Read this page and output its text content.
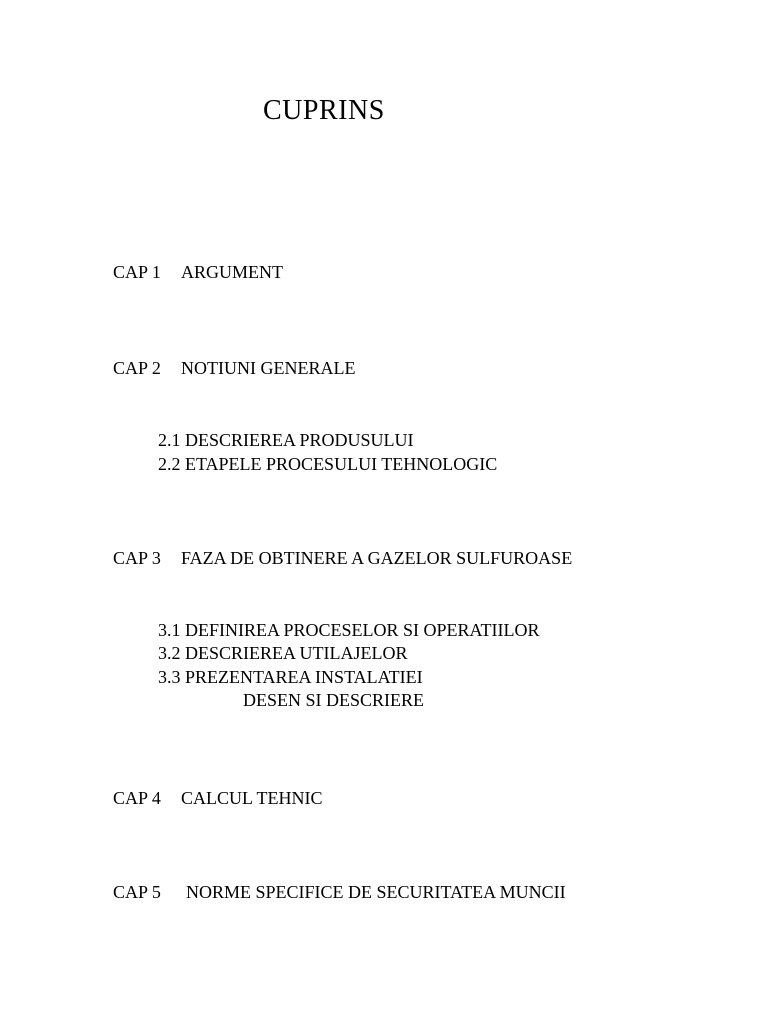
CUPRINS
CAP 1 ARGUMENT
CAP 2 NOTIUNI GENERALE
2.1 DESCRIEREA PRODUSULUI
2.2 ETAPELE PROCESULUI TEHNOLOGIC
CAP 3 FAZA DE OBTINERE A GAZELOR SULFUROASE
3.1 DEFINIREA PROCESELOR SI OPERATIILOR
3.2 DESCRIEREA UTILAJELOR
3.3 PREZENTAREA INSTALATIEI
DESEN SI DESCRIERE
CAP 4 CALCUL TEHNIC
CAP 5 NORME SPECIFICE DE SECURITATEA MUNCII
